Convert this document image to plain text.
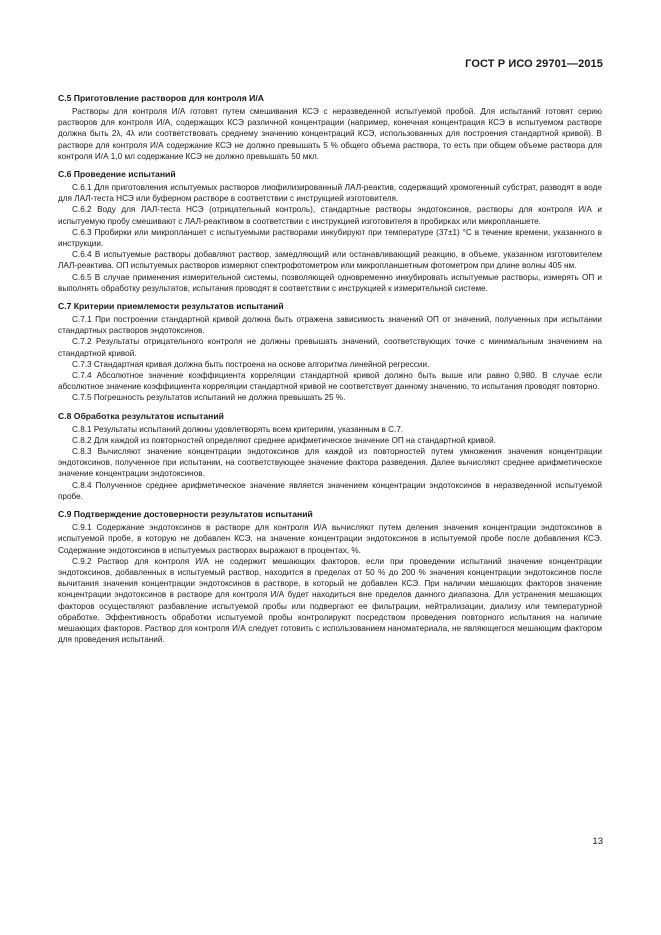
ГОСТ Р ИСО 29701—2015
С.5 Приготовление растворов для контроля И/А

Растворы для контроля И/А готовят путем смешивания КСЭ с неразведенной испытуемой пробой. Для испытаний готовят серию растворов для контроля И/А, содержащих КСЭ различной концентрации (например, конечная концентрация КСЭ в испытуемом растворе должна быть 2λ, 4λ или соответствовать среднему значению концентраций КСЭ, использованных для построения стандартной кривой). В растворе для контроля И/А содержание КСЭ не должно превышать 5 % общего объема раствора, то есть при общем объеме раствора для контроля И/А 1,0 мл содержание КСЭ не должно превышать 50 мкл.

С.6 Проведение испытаний

С.6.1 Для приготовления испытуемых растворов лиофилизированный ЛАЛ-реактив, содержащий хромогенный субстрат, разводят в воде для ЛАЛ-теста НСЭ или буферном растворе в соответствии с инструкцией изготовителя.

С.6.2 Воду для ЛАЛ-теста НСЭ (отрицательный контроль), стандартные растворы эндотоксинов, растворы для контроля И/А и испытуемую пробу смешивают с ЛАЛ-реактивом в соответствии с инструкцией изготовителя в пробирках или микропланшете.

С.6.3 Пробирки или микропланшет с испытуемыми растворами инкубируют при температуре (37±1) °С в течение времени, указанного в инструкции.

С.6.4 В испытуемые растворы добавляют раствор, замедляющий или останавливающий реакцию, в объеме, указанном изготовителем ЛАЛ-реактива. ОП испытуемых растворов измеряют спектрофотометром или микропланшетным фотометром при длине волны 405 нм.

С.6.5 В случае применения измерительной системы, позволяющей одновременно инкубировать испытуемые растворы, измерять ОП и выполнять обработку результатов, испытания проводят в соответствии с инструкцией к измерительной системе.

С.7 Критерии приемлемости результатов испытаний

С.7.1 При построении стандартной кривой должна быть отражена зависимость значений ОП от значений, полученных при испытании стандартных растворов эндотоксинов.

С.7.2 Результаты отрицательного контроля не должны превышать значений, соответствующих точке с минимальным значением на стандартной кривой.

С.7.3 Стандартная кривая должна быть построена на основе алгоритма линейной регрессии.

С.7.4 Абсолютное значение коэффициента корреляции стандартной кривой должно быть выше или равно 0,980. В случае если абсолютное значение коэффициента корреляции стандартной кривой не соответствует данному значению, то испытания проводят повторно.

С.7.5 Погрешность результатов испытаний не должна превышать 25 %.

С.8 Обработка результатов испытаний

С.8.1 Результаты испытаний должны удовлетворять всем критериям, указанным в С.7.

С.8.2 Для каждой из повторностей определяют среднее арифметическое значение ОП на стандартной кривой.

С.8.3 Вычисляют значение концентрации эндотоксинов для каждой из повторностей путем умножения значения концентрации эндотоксинов, полученное при испытании, на соответствующее значение фактора разведения. Далее вычисляют среднее арифметическое значение концентрации эндотоксинов.

С.8.4 Полученное среднее арифметическое значение является значением концентрации эндотоксинов в неразведенной испытуемой пробе.

С.9 Подтверждение достоверности результатов испытаний

С.9.1 Содержание эндотоксинов в растворе для контроля И/А вычисляют путем деления значения концентрации эндотоксинов в испытуемой пробе, в которую не добавлен КСЭ, на значение концентрации эндотоксинов в испытуемой пробе после добавления КСЭ. Содержание эндотоксинов в испытуемых растворах выражают в процентах, %.

С.9.2 Раствор для контроля И/А не содержит мешающих факторов, если при проведении испытаний значение концентрации эндотоксинов, добавленных в испытуемый раствор, находится в пределах от 50 % до 200 % значения концентрации эндотоксинов после вычитания значения концентрации эндотоксинов в растворе, в который не добавлен КСЭ. При наличии мешающих факторов значение концентрации эндотоксинов в растворе для контроля И/А будет находиться вне пределов данного диапазона. Для устранения мешающих факторов осуществляют разбавление испытуемой пробы или подвергают ее фильтрации, нейтрализации, диализу или температурной обработке. Эффективность обработки испытуемой пробы контролируют посредством проведения повторного испытания на наличие мешающих факторов. Раствор для контроля И/А следует готовить с использованием наноматериала, не являющегося мешающим фактором для проведения испытаний.

13
